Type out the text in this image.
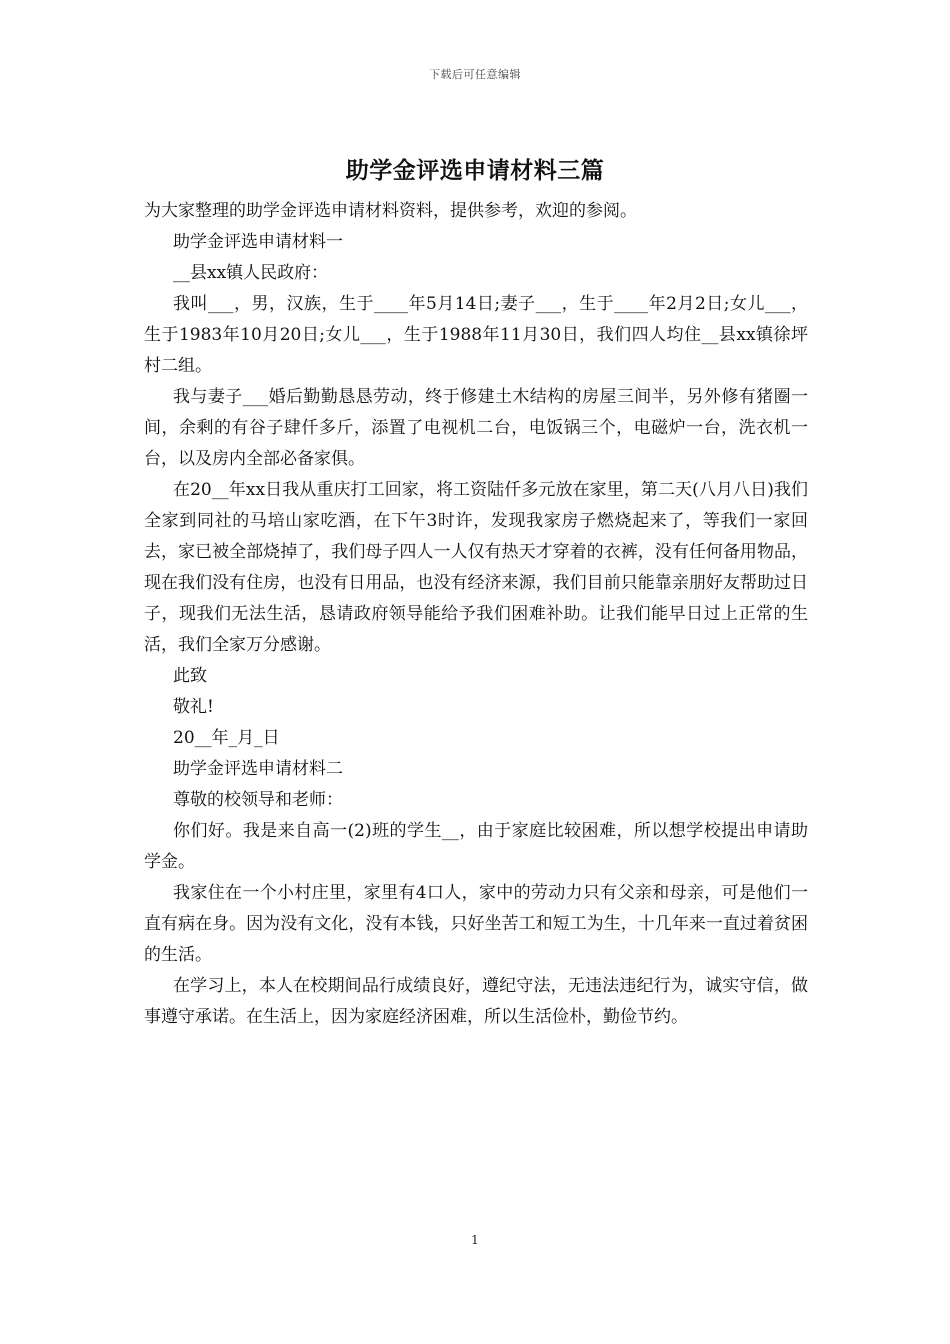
下载后可任意编辑
助学金评选申请材料三篇

为大家整理的助学金评选申请材料资料，提供参考，欢迎的参阅。

助学金评选申请材料一

__县xx镇人民政府：

我叫___，男，汉族，生于____年5月14日;妻子___，生于____年2月2日;女儿___，生于1983年10月20日;女儿___，生于1988年11月30日，我们四人均住__县xx镇徐坪村二组。

我与妻子___婚后勤勤恳恳劳动，终于修建土木结构的房屋三间半，另外修有猪圈一间，余剩的有谷子肆仟多斤，添置了电视机二台，电饭锅三个，电磁炉一台，洗衣机一台，以及房内全部必备家俱。

在20__年xx日我从重庆打工回家，将工资陆仟多元放在家里，第二天(八月八日)我们全家到同社的马培山家吃酒，在下午3时许，发现我家房子燃烧起来了，等我们一家回去，家已被全部烧掉了，我们母子四人一人仅有热天才穿着的衣裤，没有任何备用物品，现在我们没有住房，也没有日用品，也没有经济来源，我们目前只能靠亲朋好友帮助过日子，现我们无法生活，恳请政府领导能给予我们困难补助。让我们能早日过上正常的生活，我们全家万分感谢。

此致

敬礼!

20__年_月_日

助学金评选申请材料二

尊敬的校领导和老师：

你们好。我是来自高一(2)班的学生__，由于家庭比较困难，所以想学校提出申请助学金。

我家住在一个小村庄里，家里有4口人，家中的劳动力只有父亲和母亲，可是他们一直有病在身。因为没有文化，没有本钱，只好坐苦工和短工为生，十几年来一直过着贫困的生活。

在学习上，本人在校期间品行成绩良好，遵纪守法，无违法违纪行为，诚实守信，做事遵守承诺。在生活上，因为家庭经济困难，所以生活俭朴，勤俭节约。

1
